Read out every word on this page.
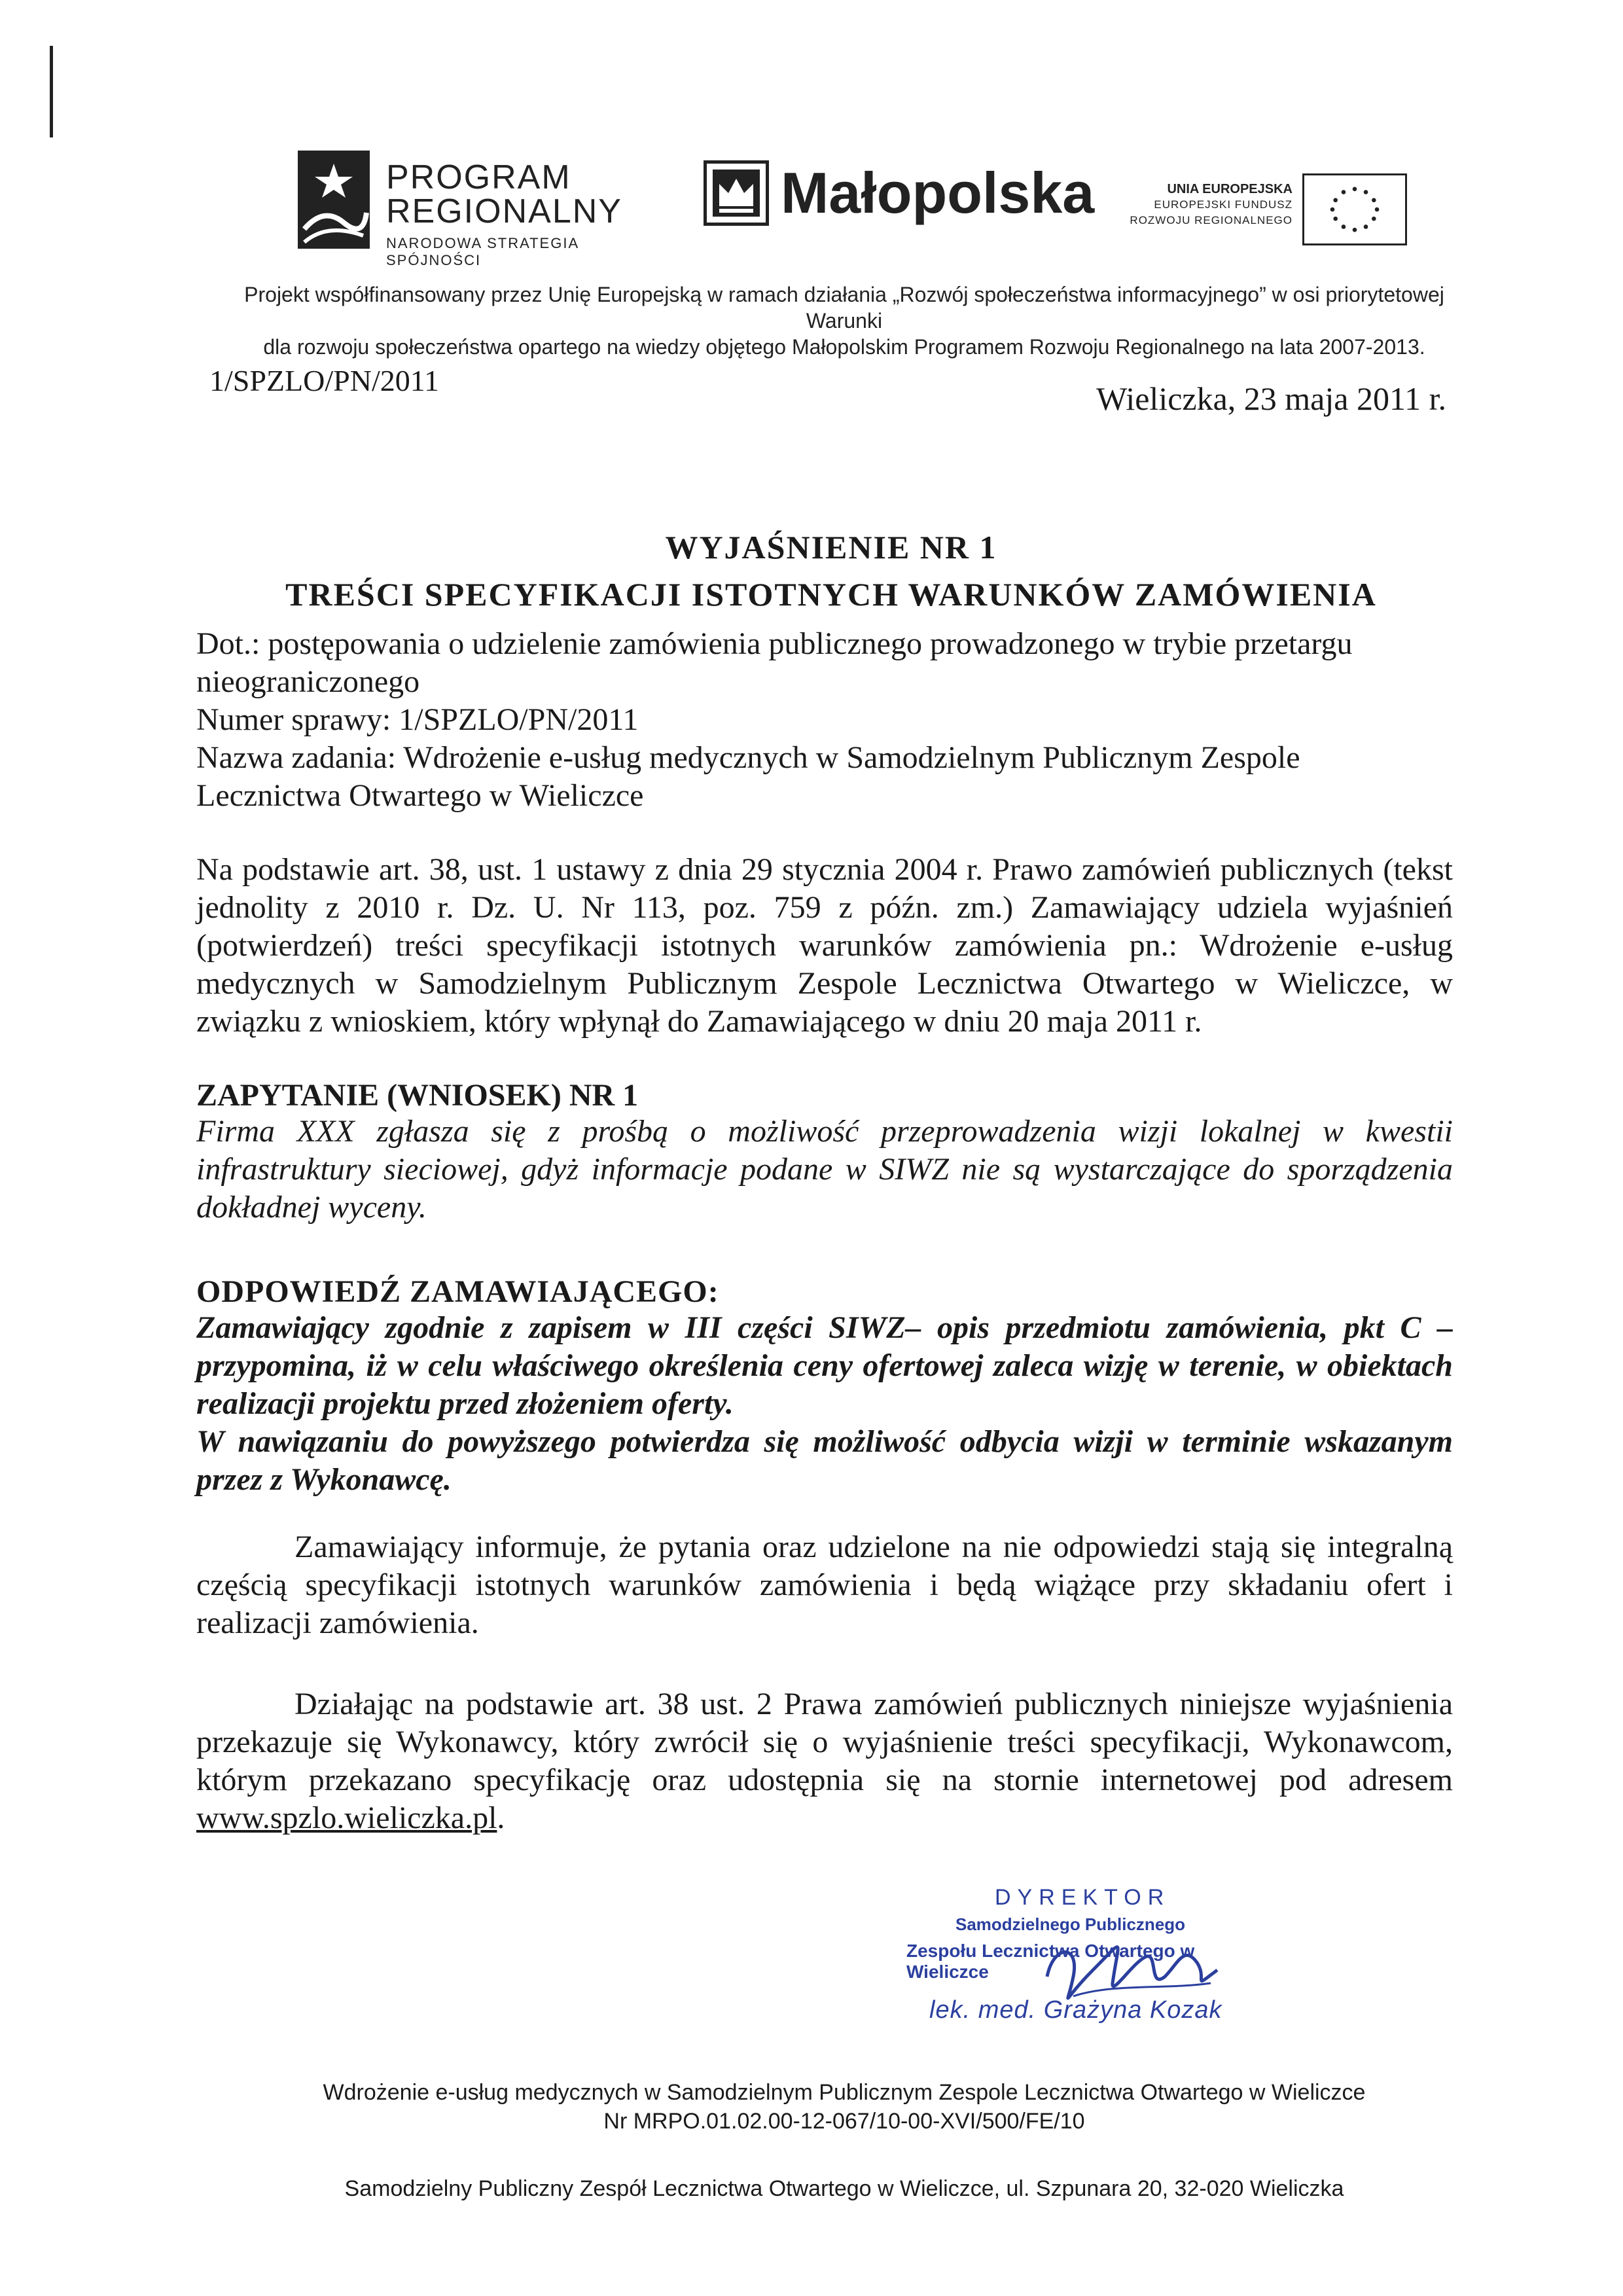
PROGRAM
REGIONALNY
NARODOWA STRATEGIA SPÓJNOŚCI
Małopolska	UNIA EUROPEJSKA
EUROPEJSKI FUNDUSZ
ROZWOJU REGIONALNEGO
Projekt współfinansowany przez Unię Europejską w ramach działania „Rozwój społeczeństwa informacyjnego” w osi priorytetowej Warunki
dla rozwoju społeczeństwa opartego na wiedzy objętego Małopolskim Programem Rozwoju Regionalnego na lata 2007-2013.
1/SPZLO/PN/2011	Wieliczka, 23 maja 2011 r.
WYJAŚNIENIE NR 1
TREŚCI SPECYFIKACJI ISTOTNYCH WARUNKÓW ZAMÓWIENIA
Dot.: postępowania o udzielenie zamówienia publicznego prowadzonego w trybie przetargu
nieograniczonego
Numer sprawy: 1/SPZLO/PN/2011
Nazwa zadania: Wdrożenie e-usług medycznych w Samodzielnym Publicznym Zespole
Lecznictwa Otwartego w Wieliczce
Na podstawie art. 38, ust. 1 ustawy z dnia 29 stycznia 2004 r. Prawo zamówień publicznych (tekst jednolity z 2010 r. Dz. U. Nr 113, poz. 759 z późn. zm.) Zamawiający udziela wyjaśnień (potwierdzeń) treści specyfikacji istotnych warunków zamówienia pn.: Wdrożenie e-usług medycznych w Samodzielnym Publicznym Zespole Lecznictwa Otwartego w Wieliczce, w związku z wnioskiem, który wpłynął do Zamawiającego w dniu 20 maja 2011 r.
ZAPYTANIE (WNIOSEK) NR 1
Firma XXX zgłasza się z prośbą o możliwość przeprowadzenia wizji lokalnej w kwestii infrastruktury sieciowej, gdyż informacje podane w SIWZ nie są wystarczające do sporządzenia dokładnej wyceny.
ODPOWIEDŹ ZAMAWIAJĄCEGO:
Zamawiający zgodnie z zapisem w III części SIWZ– opis przedmiotu zamówienia, pkt C – przypomina, iż w celu właściwego określenia ceny ofertowej zaleca wizję w terenie, w obiektach realizacji projektu przed złożeniem oferty.
W nawiązaniu do powyższego potwierdza się możliwość odbycia wizji w terminie wskazanym przez z Wykonawcę.
Zamawiający informuje, że pytania oraz udzielone na nie odpowiedzi stają się integralną częścią specyfikacji istotnych warunków zamówienia i będą wiążące przy składaniu ofert i realizacji zamówienia.
Działając na podstawie art. 38 ust. 2 Prawa zamówień publicznych niniejsze wyjaśnienia przekazuje się Wykonawcy, który zwrócił się o wyjaśnienie treści specyfikacji, Wykonawcom, którym przekazano specyfikację oraz udostępnia się na stornie internetowej pod adresem www.spzlo.wieliczka.pl.
DYREKTOR
Samodzielnego Publicznego
Zespołu Lecznictwa Otwartego w Wieliczce
lek. med. Grażyna Kozak
Wdrożenie e-usług medycznych w Samodzielnym Publicznym Zespole Lecznictwa Otwartego w Wieliczce
Nr MRPO.01.02.00-12-067/10-00-XVI/500/FE/10
Samodzielny Publiczny Zespół Lecznictwa Otwartego w Wieliczce, ul. Szpunara 20, 32-020 Wieliczka
